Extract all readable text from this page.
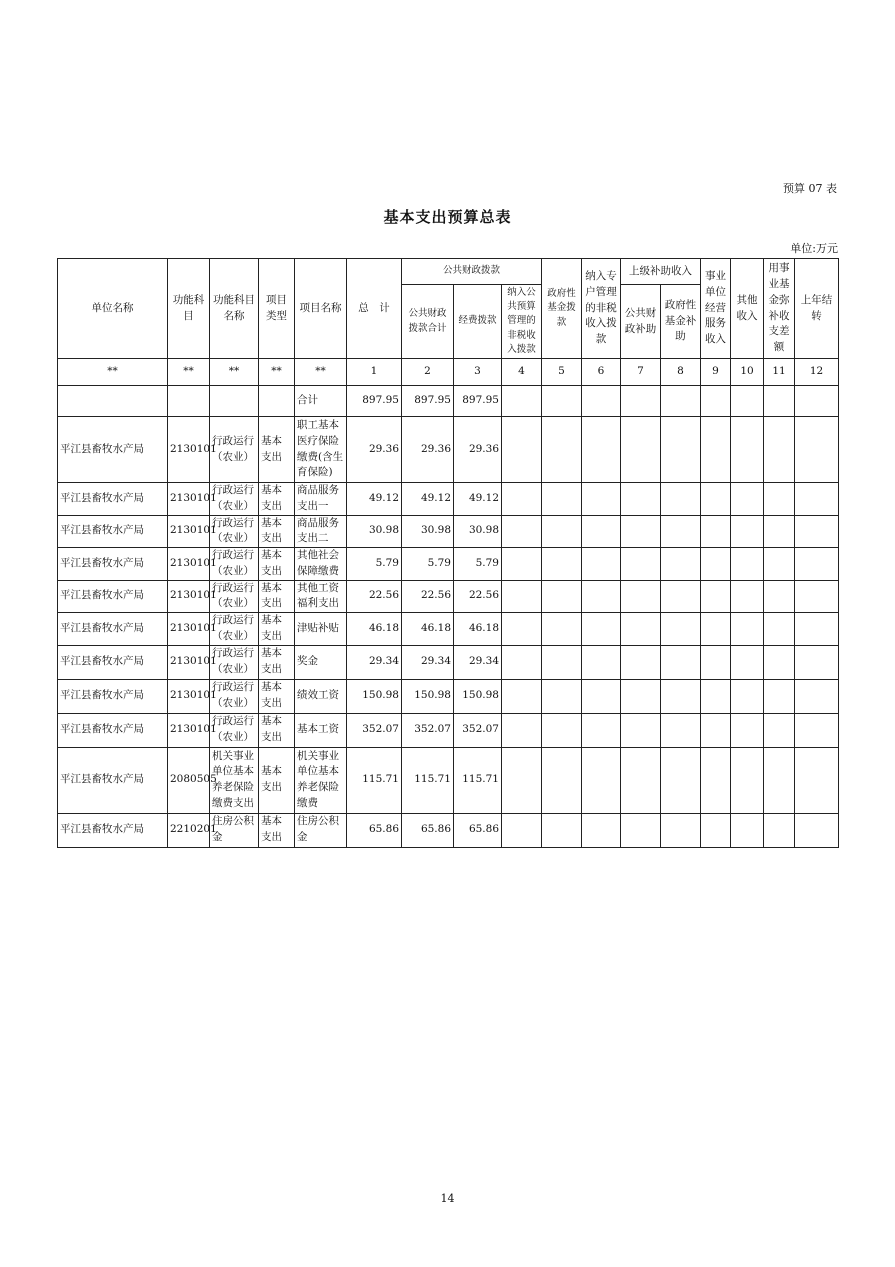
预算 07 表
基本支出预算总表
单位:万元
单位名称	功能科目	功能科目名称	项目类型	项目名称	总　计	公共财政拨款			政府性基金拨款	纳入专户管理的非税收入拨款	上级补助收入		事业单位经营服务收入	其他收入	用事业基金弥补收支差额	上年结转
						公共财政拨款合计	经费拨款	纳入公共预算管理的非税收入拨款			公共财政补助	政府性基金补助				
**	**	**	**	**	1	2	3	4	5	6	7	8	9	10	11	12
				合计	897.95	897.95	897.95									
平江县畜牧水产局	2130101	行政运行（农业）	基本支出	职工基本医疗保险缴费(含生育保险)	29.36	29.36	29.36									
平江县畜牧水产局	2130101	行政运行（农业）	基本支出	商品服务支出一	49.12	49.12	49.12									
平江县畜牧水产局	2130101	行政运行（农业）	基本支出	商品服务支出二	30.98	30.98	30.98									
平江县畜牧水产局	2130101	行政运行（农业）	基本支出	其他社会保障缴费	5.79	5.79	5.79									
平江县畜牧水产局	2130101	行政运行（农业）	基本支出	其他工资福利支出	22.56	22.56	22.56									
平江县畜牧水产局	2130101	行政运行（农业）	基本支出	津贴补贴	46.18	46.18	46.18									
平江县畜牧水产局	2130101	行政运行（农业）	基本支出	奖金	29.34	29.34	29.34									
平江县畜牧水产局	2130101	行政运行（农业）	基本支出	绩效工资	150.98	150.98	150.98									
平江县畜牧水产局	2130101	行政运行（农业）	基本支出	基本工资	352.07	352.07	352.07									
平江县畜牧水产局	2080505	机关事业单位基本养老保险缴费支出	基本支出	机关事业单位基本养老保险缴费	115.71	115.71	115.71									
平江县畜牧水产局	2210201	住房公积金	基本支出	住房公积金	65.86	65.86	65.86									
14
